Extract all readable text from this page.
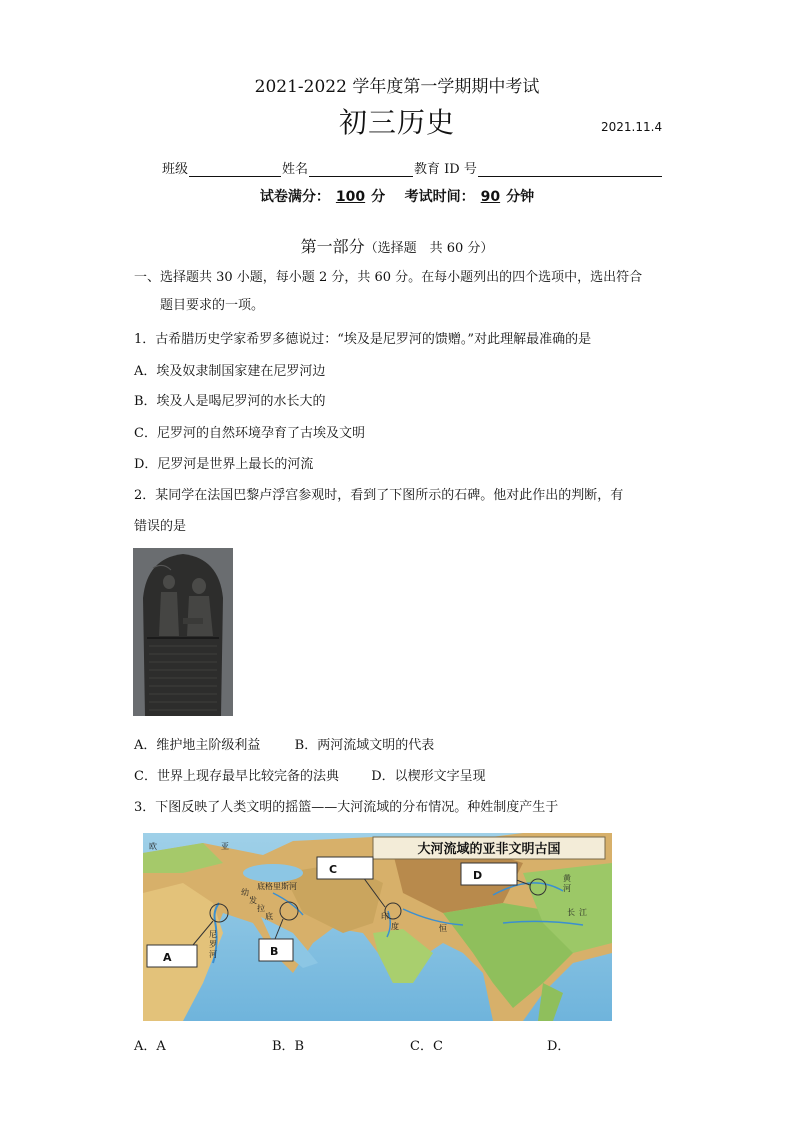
2021-2022 学年度第一学期期中考试
初三历史	2021.11.4
班级	姓名	教育 ID 号
试卷满分： 100 分 考试时间： 90 分钟
第一部分（选择题　共 60 分）
一、选择题共 30 小题，每小题 2 分，共 60 分。在每小题列出的四个选项中，选出符合
题目要求的一项。
1．古希腊历史学家希罗多德说过：“埃及是尼罗河的馈赠。”对此理解最准确的是
A．埃及奴隶制国家建在尼罗河边
B．埃及人是喝尼罗河的水长大的
C．尼罗河的自然环境孕育了古埃及文明
D．尼罗河是世界上最长的河流
2．某同学在法国巴黎卢浮宫参观时，看到了下图所示的石碑。他对此作出的判断，有
错误的是
A．维护地主阶级利益	B．两河流域文明的代表
C．世界上现存最早比较完备的法典 D．以楔形文字呈现
3．下图反映了人类文明的摇篮——大河流域的分布情况。种姓制度产生于
大河流域的亚非文明古国
A	B
C	D
欧	亚
尼
罗
河
底格里斯河
幼
发
拉
底	印
度	恒
黄
河
长 江
A．A	B．B	C．C	D．
